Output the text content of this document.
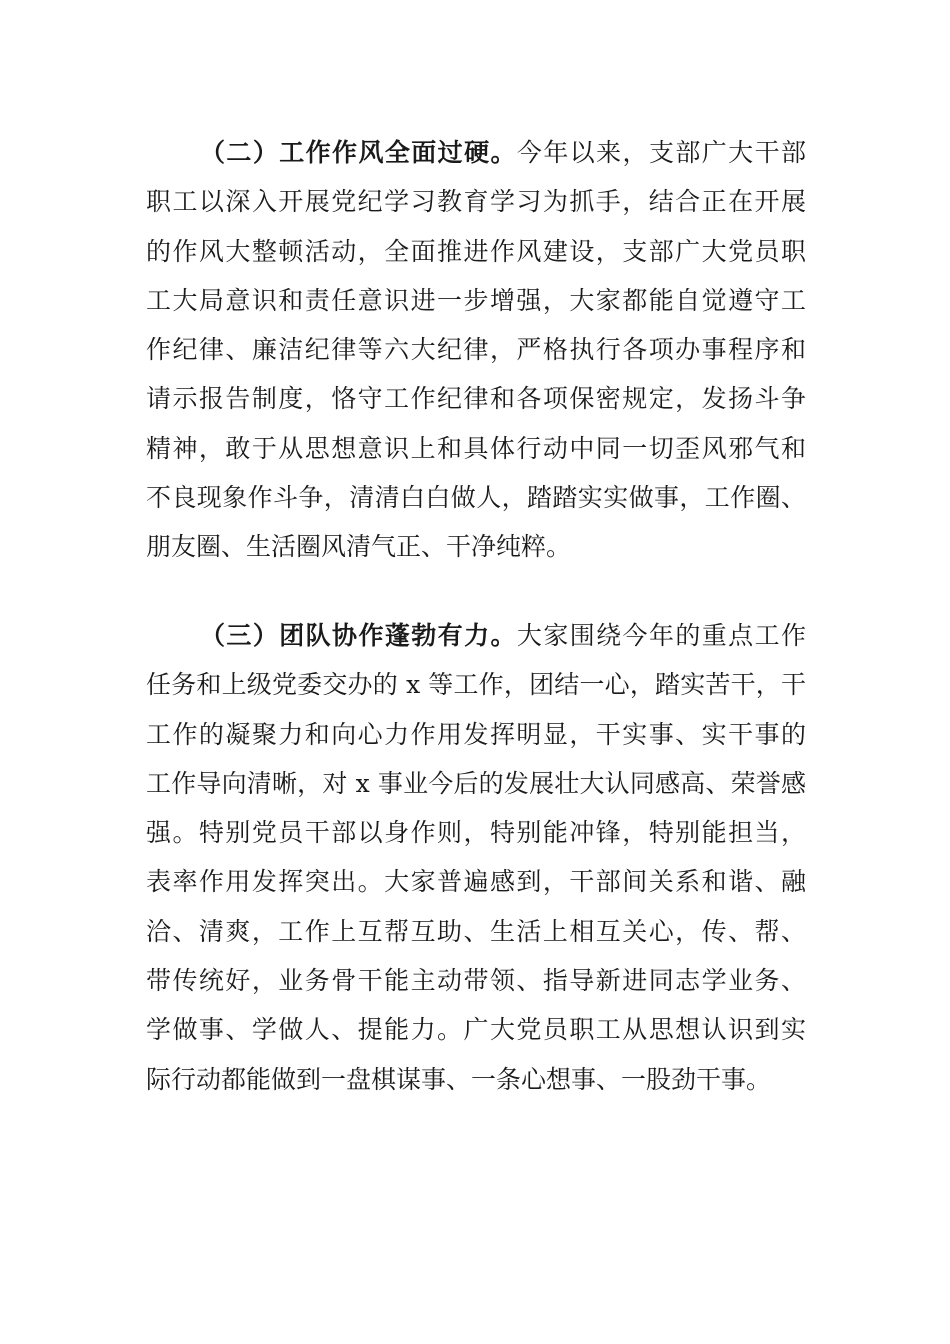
（二）工作作风全面过硬。今年以来，支部广大干部
职工以深入开展党纪学习教育学习为抓手，结合正在开展
的作风大整顿活动，全面推进作风建设，支部广大党员职
工大局意识和责任意识进一步增强，大家都能自觉遵守工
作纪律、廉洁纪律等六大纪律，严格执行各项办事程序和
请示报告制度，恪守工作纪律和各项保密规定，发扬斗争
精神，敢于从思想意识上和具体行动中同一切歪风邪气和
不良现象作斗争，清清白白做人，踏踏实实做事，工作圈、
朋友圈、生活圈风清气正、干净纯粹。
（三）团队协作蓬勃有力。大家围绕今年的重点工作
任务和上级党委交办的 x 等工作，团结一心，踏实苦干，干
工作的凝聚力和向心力作用发挥明显，干实事、实干事的
工作导向清晰，对 x 事业今后的发展壮大认同感高、荣誉感
强。特别党员干部以身作则，特别能冲锋，特别能担当，
表率作用发挥突出。大家普遍感到，干部间关系和谐、融
洽、清爽，工作上互帮互助、生活上相互关心，传、帮、
带传统好，业务骨干能主动带领、指导新进同志学业务、
学做事、学做人、提能力。广大党员职工从思想认识到实
际行动都能做到一盘棋谋事、一条心想事、一股劲干事。
